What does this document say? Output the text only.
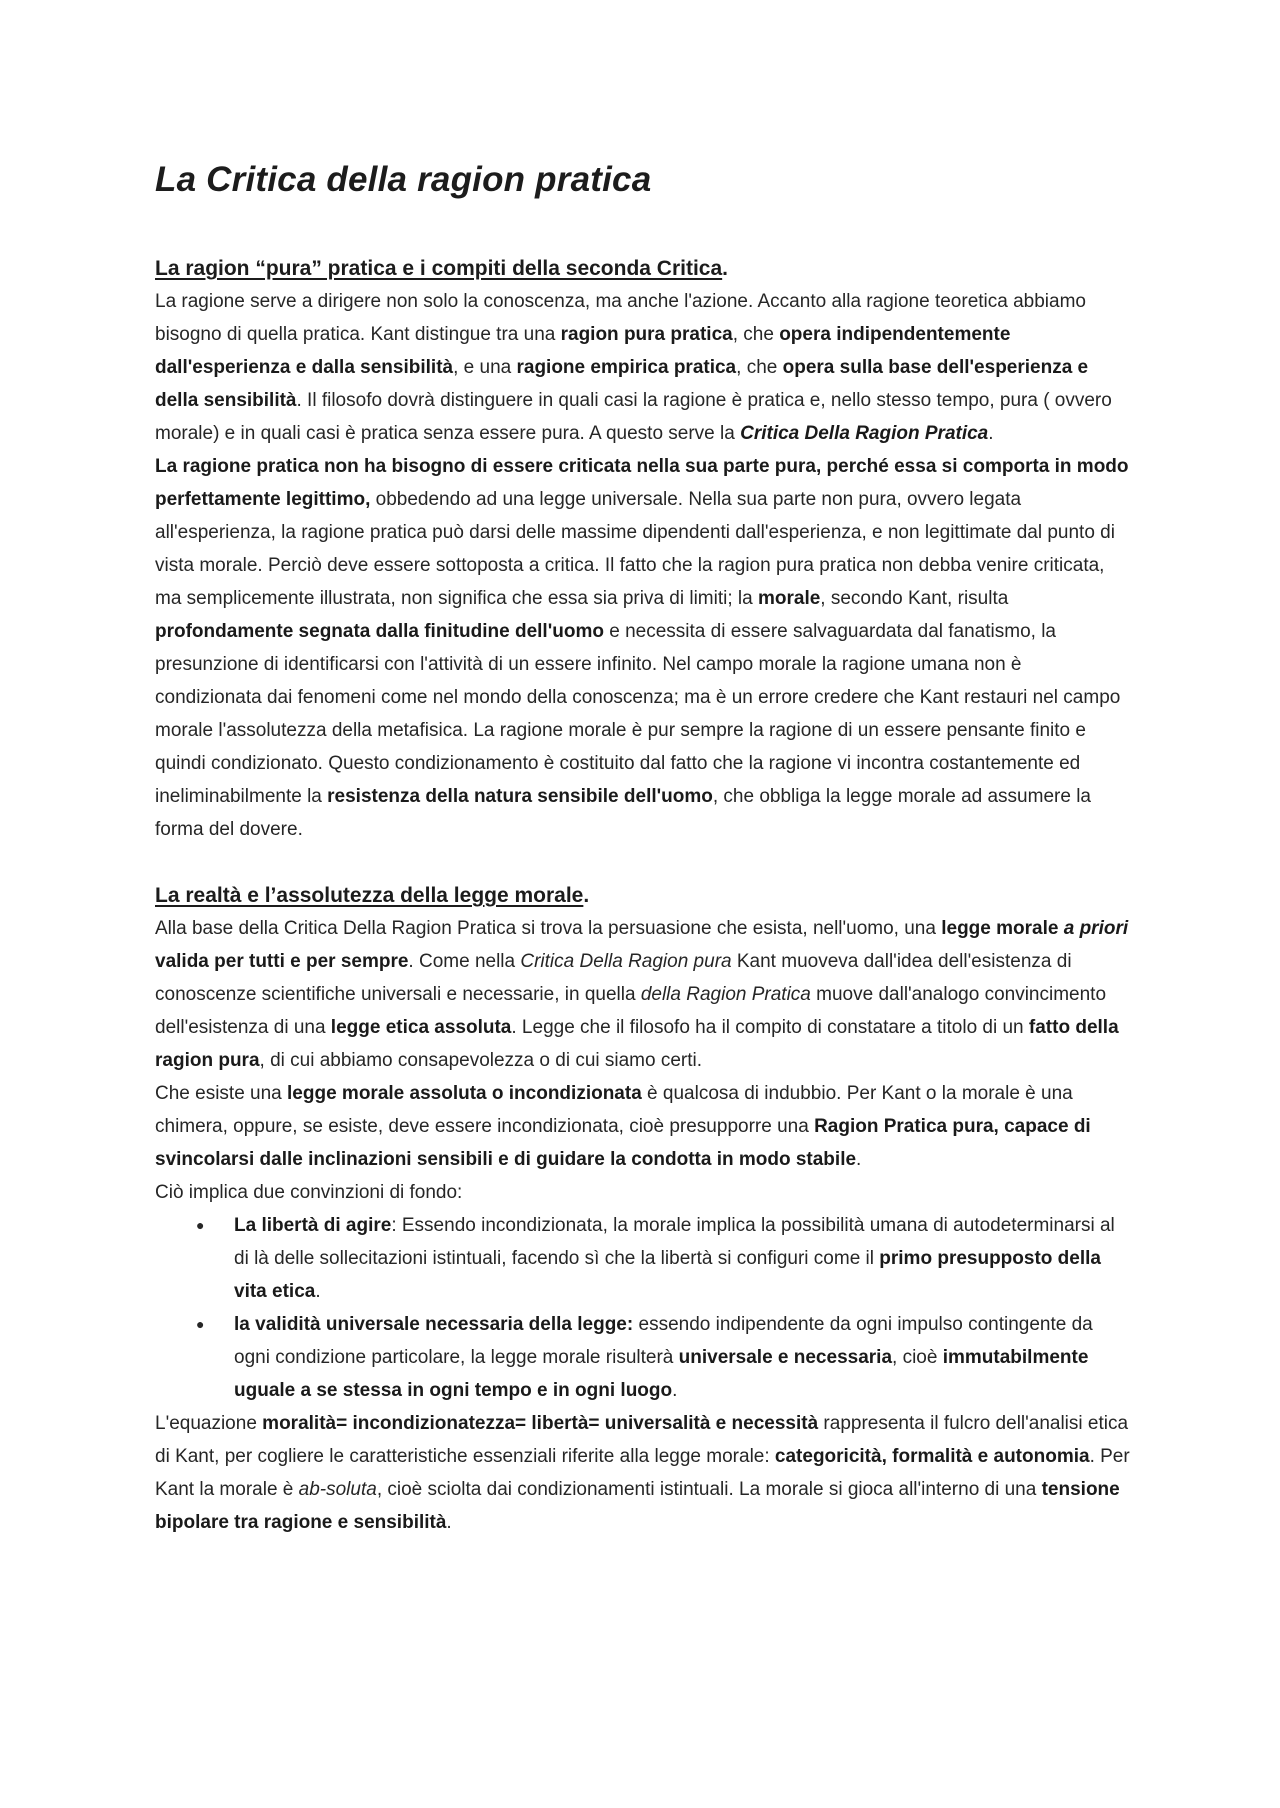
La Critica della ragion pratica
La ragion “pura” pratica e i compiti della seconda Critica.

La ragione serve a dirigere non solo la conoscenza, ma anche l'azione. Accanto alla ragione teoretica abbiamo bisogno di quella pratica. Kant distingue tra una ragion pura pratica, che opera indipendentemente dall'esperienza e dalla sensibilità, e una ragione empirica pratica, che opera sulla base dell'esperienza e della sensibilità. Il filosofo dovrà distinguere in quali casi la ragione è pratica e, nello stesso tempo, pura ( ovvero morale) e in quali casi è pratica senza essere pura. A questo serve la Critica Della Ragion Pratica.

La ragione pratica non ha bisogno di essere criticata nella sua parte pura, perché essa si comporta in modo perfettamente legittimo, obbedendo ad una legge universale. Nella sua parte non pura, ovvero legata all'esperienza, la ragione pratica può darsi delle massime dipendenti dall'esperienza, e non legittimate dal punto di vista morale. Perciò deve essere sottoposta a critica. Il fatto che la ragion pura pratica non debba venire criticata, ma semplicemente illustrata, non significa che essa sia priva di limiti; la morale, secondo Kant, risulta profondamente segnata dalla finitudine dell'uomo e necessita di essere salvaguardata dal fanatismo, la presunzione di identificarsi con l'attività di un essere infinito. Nel campo morale la ragione umana non è condizionata dai fenomeni come nel mondo della conoscenza; ma è un errore credere che Kant restauri nel campo morale l'assolutezza della metafisica. La ragione morale è pur sempre la ragione di un essere pensante finito e quindi condizionato. Questo condizionamento è costituito dal fatto che la ragione vi incontra costantemente ed ineliminabilmente la resistenza della natura sensibile dell'uomo, che obbliga la legge morale ad assumere la forma del dovere.

La realtà e l’assolutezza della legge morale.

Alla base della Critica Della Ragion Pratica si trova la persuasione che esista, nell'uomo, una legge morale a priori valida per tutti e per sempre. Come nella Critica Della Ragion pura Kant muoveva dall'idea dell'esistenza di conoscenze scientifiche universali e necessarie, in quella della Ragion Pratica muove dall'analogo convincimento dell'esistenza di una legge etica assoluta. Legge che il filosofo ha il compito di constatare a titolo di un fatto della ragion pura, di cui abbiamo consapevolezza o di cui siamo certi.

Che esiste una legge morale assoluta o incondizionata è qualcosa di indubbio. Per Kant o la morale è una chimera, oppure, se esiste, deve essere incondizionata, cioè presupporre una Ragion Pratica pura, capace di svincolarsi dalle inclinazioni sensibili e di guidare la condotta in modo stabile.

Ciò implica due convinzioni di fondo:

● La libertà di agire: Essendo incondizionata, la morale implica la possibilità umana di autodeterminarsi al di là delle sollecitazioni istintuali, facendo sì che la libertà si configuri come il primo presupposto della vita etica.
● la validità universale necessaria della legge: essendo indipendente da ogni impulso contingente da ogni condizione particolare, la legge morale risulterà universale e necessaria, cioè immutabilmente uguale a se stessa in ogni tempo e in ogni luogo.

L'equazione moralità= incondizionatezza= libertà= universalità e necessità rappresenta il fulcro dell'analisi etica di Kant, per cogliere le caratteristiche essenziali riferite alla legge morale: categoricità, formalità e autonomia. Per Kant la morale è ab-soluta, cioè sciolta dai condizionamenti istintuali. La morale si gioca all'interno di una tensione bipolare tra ragione e sensibilità.
